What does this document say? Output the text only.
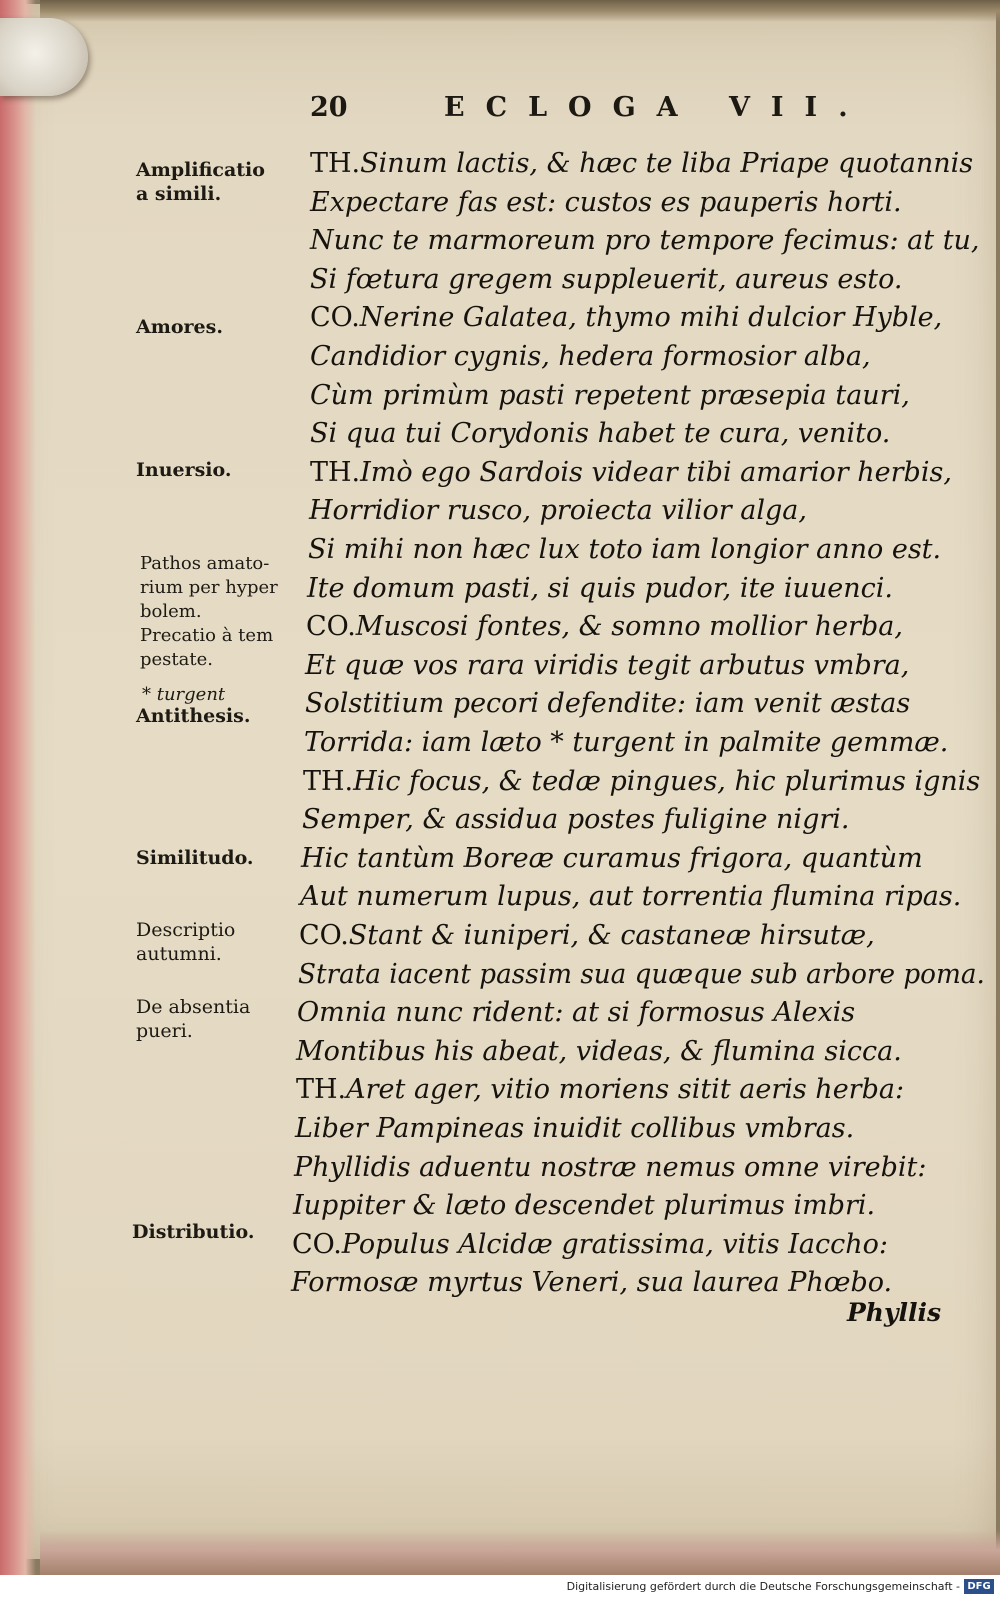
20	ECLOGA VII.
Amplificatio
a simili.
Amores.
Inuersio.
Pathos amato-
rium per hyper
bolem.
Precatio à tem
pestate.
* turgent
Antithesis.
Similitudo.
Descriptio
autumni.
De absentia
pueri.
Distributio.
TH.Sinum lactis, & hæc te liba Priape quotannis
Expectare fas est: custos es pauperis horti.
Nunc te marmoreum pro tempore fecimus: at tu,
Si fœtura gregem suppleuerit, aureus esto.
CO.Nerine Galatea, thymo mihi dulcior Hyble,
Candidior cygnis, hedera formosior alba,
Cùm primùm pasti repetent præsepia tauri,
Si qua tui Corydonis habet te cura, venito.
TH.Imò ego Sardois videar tibi amarior herbis,
Horridior rusco, proiecta vilior alga,
Si mihi non hæc lux toto iam longior anno est.
Ite domum pasti, si quis pudor, ite iuuenci.
CO.Muscosi fontes, & somno mollior herba,
Et quæ vos rara viridis tegit arbutus vmbra,
Solstitium pecori defendite: iam venit æstas
Torrida: iam læto * turgent in palmite gemmæ.
TH.Hic focus, & tedæ pingues, hic plurimus ignis
Semper, & assidua postes fuligine nigri.
Hic tantùm Boreæ curamus frigora, quantùm
Aut numerum lupus, aut torrentia flumina ripas.
CO.Stant & iuniperi, & castaneæ hirsutæ,
Strata iacent passim sua quæque sub arbore poma.
Omnia nunc rident: at si formosus Alexis
Montibus his abeat, videas, & flumina sicca.
TH.Aret ager, vitio moriens sitit aeris herba:
Liber Pampineas inuidit collibus vmbras.
Phyllidis aduentu nostræ nemus omne virebit:
Iuppiter & læto descendet plurimus imbri.
CO.Populus Alcidæ gratissima, vitis Iaccho:
Formosæ myrtus Veneri, sua laurea Phœbo.
Phyllis
Digitalisierung gefördert durch die Deutsche Forschungsgemeinschaft - DFG
